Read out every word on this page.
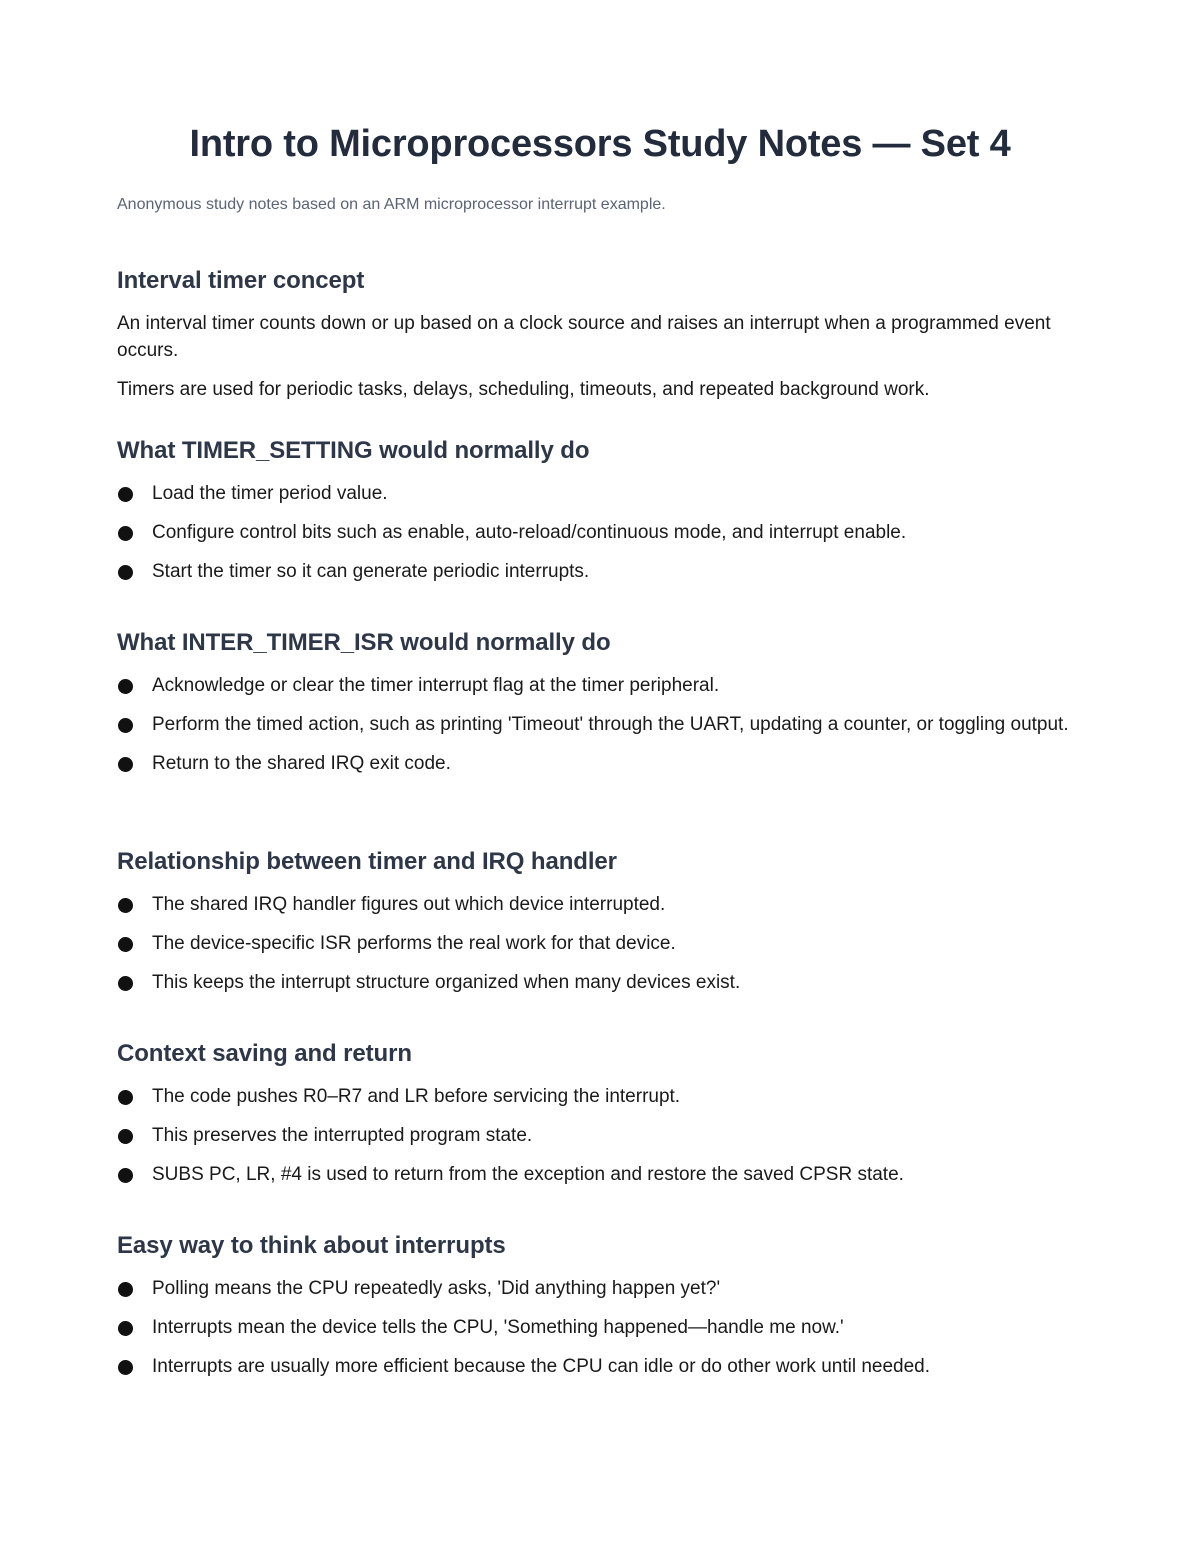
Intro to Microprocessors Study Notes — Set 4

Anonymous study notes based on an ARM microprocessor interrupt example.

Interval timer concept

An interval timer counts down or up based on a clock source and raises an interrupt when a programmed event occurs.

Timers are used for periodic tasks, delays, scheduling, timeouts, and repeated background work.

What TIMER_SETTING would normally do
Load the timer period value.
Configure control bits such as enable, auto-reload/continuous mode, and interrupt enable.
Start the timer so it can generate periodic interrupts.
What INTER_TIMER_ISR would normally do
Acknowledge or clear the timer interrupt flag at the timer peripheral.
Perform the timed action, such as printing 'Timeout' through the UART, updating a counter, or toggling output.
Return to the shared IRQ exit code.
Relationship between timer and IRQ handler
The shared IRQ handler figures out which device interrupted.
The device-specific ISR performs the real work for that device.
This keeps the interrupt structure organized when many devices exist.
Context saving and return
The code pushes R0–R7 and LR before servicing the interrupt.
This preserves the interrupted program state.
SUBS PC, LR, #4 is used to return from the exception and restore the saved CPSR state.
Easy way to think about interrupts
Polling means the CPU repeatedly asks, 'Did anything happen yet?'
Interrupts mean the device tells the CPU, 'Something happened—handle me now.'
Interrupts are usually more efficient because the CPU can idle or do other work until needed.
